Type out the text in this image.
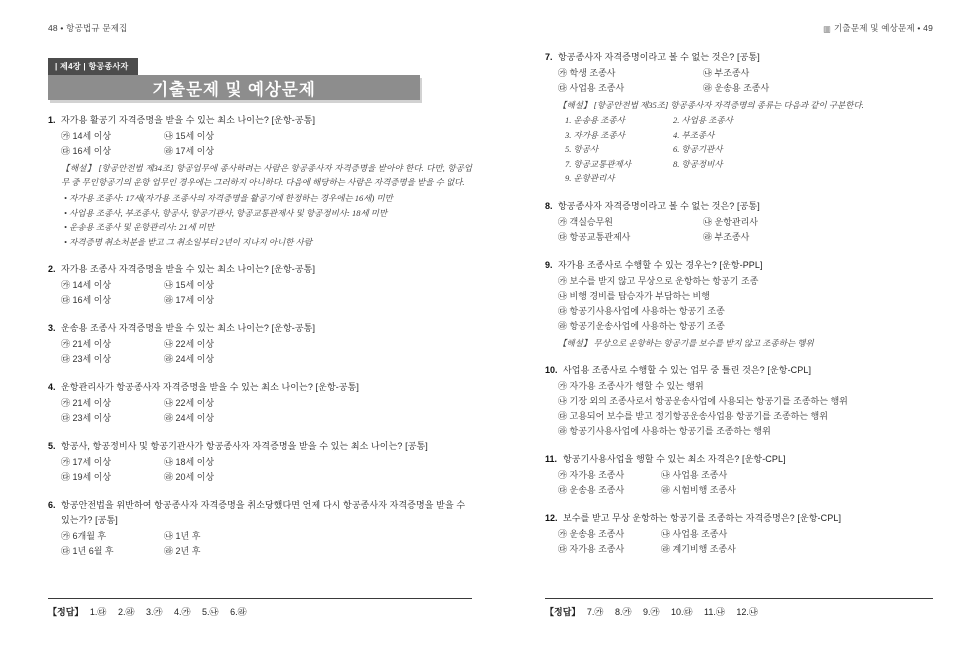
48 • 항공법규 문제집
| 제4장 | 항공종사자
기출문제 및 예상문제
1. 자가용 활공기 자격증명을 받을 수 있는 최소 나이는? [운항-공통]
㉮ 14세 이상	㉯ 15세 이상
㉰ 16세 이상	㉱ 17세 이상
【해설】 [항공안전법 제34조] 항공업무에 종사하려는 사람은 항공종사자 자격증명을 받아야 한다. 다만, 항공업무 중 무인항공기의 운항 업무인 경우에는 그러하지 아니하다. 다음에 해당하는 사람은 자격증명을 받을 수 없다.
• 자가용 조종사: 17세(자가용 조종사의 자격증명을 활공기에 한정하는 경우에는 16세) 미만
• 사업용 조종사, 부조종사, 항공사, 항공기관사, 항공교통관제사 및 항공정비사: 18세 미만
• 운송용 조종사 및 운항관리사: 21세 미만
• 자격증명 취소처분을 받고 그 취소일부터 2년이 지나지 아니한 사람
2. 자가용 조종사 자격증명을 받을 수 있는 최소 나이는? [운항-공통]
㉮ 14세 이상	㉯ 15세 이상
㉰ 16세 이상	㉱ 17세 이상
3. 운송용 조종사 자격증명을 받을 수 있는 최소 나이는? [운항-공통]
㉮ 21세 이상	㉯ 22세 이상
㉰ 23세 이상	㉱ 24세 이상
4. 운항관리사가 항공종사자 자격증명을 받을 수 있는 최소 나이는? [운항-공통]
㉮ 21세 이상	㉯ 22세 이상
㉰ 23세 이상	㉱ 24세 이상
5. 항공사, 항공정비사 및 항공기관사가 항공종사자 자격증명을 받을 수 있는 최소 나이는? [공통]
㉮ 17세 이상	㉯ 18세 이상
㉰ 19세 이상	㉱ 20세 이상
6. 항공안전법을 위반하여 항공종사자 자격증명을 취소당했다면 언제 다시 항공종사자 자격증명을 받을 수 있는가? [공통]
㉮ 6개월 후	㉯ 1년 후
㉰ 1년 6월 후	㉱ 2년 후
【정답】 1.㉰ 2.㉱ 3.㉮ 4.㉮ 5.㉯ 6.㉱
▥ 기출문제 및 예상문제 • 49
7. 항공종사자 자격증명이라고 볼 수 없는 것은? [공통]
㉮ 학생 조종사	㉯ 부조종사
㉰ 사업용 조종사	㉱ 운송용 조종사
【해설】 [항공안전법 제35조] 항공종사자 자격증명의 종류는 다음과 같이 구분한다.
1. 운송용 조종사	2. 사업용 조종사
3. 자가용 조종사	4. 부조종사
5. 항공사	6. 항공기관사
7. 항공교통관제사	8. 항공정비사
9. 운항관리사
8. 항공종사자 자격증명이라고 볼 수 없는 것은? [공통]
㉮ 객실승무원	㉯ 운항관리사
㉰ 항공교통관제사	㉱ 부조종사
9. 자가용 조종사로 수행할 수 있는 경우는? [운항-PPL]
㉮ 보수를 받지 않고 무상으로 운항하는 항공기 조종
㉯ 비행 경비를 탑승자가 부담하는 비행
㉰ 항공기사용사업에 사용하는 항공기 조종
㉱ 항공기운송사업에 사용하는 항공기 조종
【해설】 무상으로 운항하는 항공기를 보수를 받지 않고 조종하는 행위
10. 사업용 조종사로 수행할 수 있는 업무 중 틀린 것은? [운항-CPL]
㉮ 자가용 조종사가 행할 수 있는 행위
㉯ 기장 외의 조종사로서 항공운송사업에 사용되는 항공기를 조종하는 행위
㉰ 고용되어 보수를 받고 정기항공운송사업용 항공기를 조종하는 행위
㉱ 항공기사용사업에 사용하는 항공기를 조종하는 행위
11. 항공기사용사업을 행할 수 있는 최소 자격은? [운항-CPL]
㉮ 자가용 조종사	㉯ 사업용 조종사
㉰ 운송용 조종사	㉱ 시험비행 조종사
12. 보수를 받고 무상 운항하는 항공기를 조종하는 자격증명은? [운항-CPL]
㉮ 운송용 조종사	㉯ 사업용 조종사
㉰ 자가용 조종사	㉱ 계기비행 조종사
【정답】 7.㉮ 8.㉮ 9.㉮ 10.㉰ 11.㉯ 12.㉯
